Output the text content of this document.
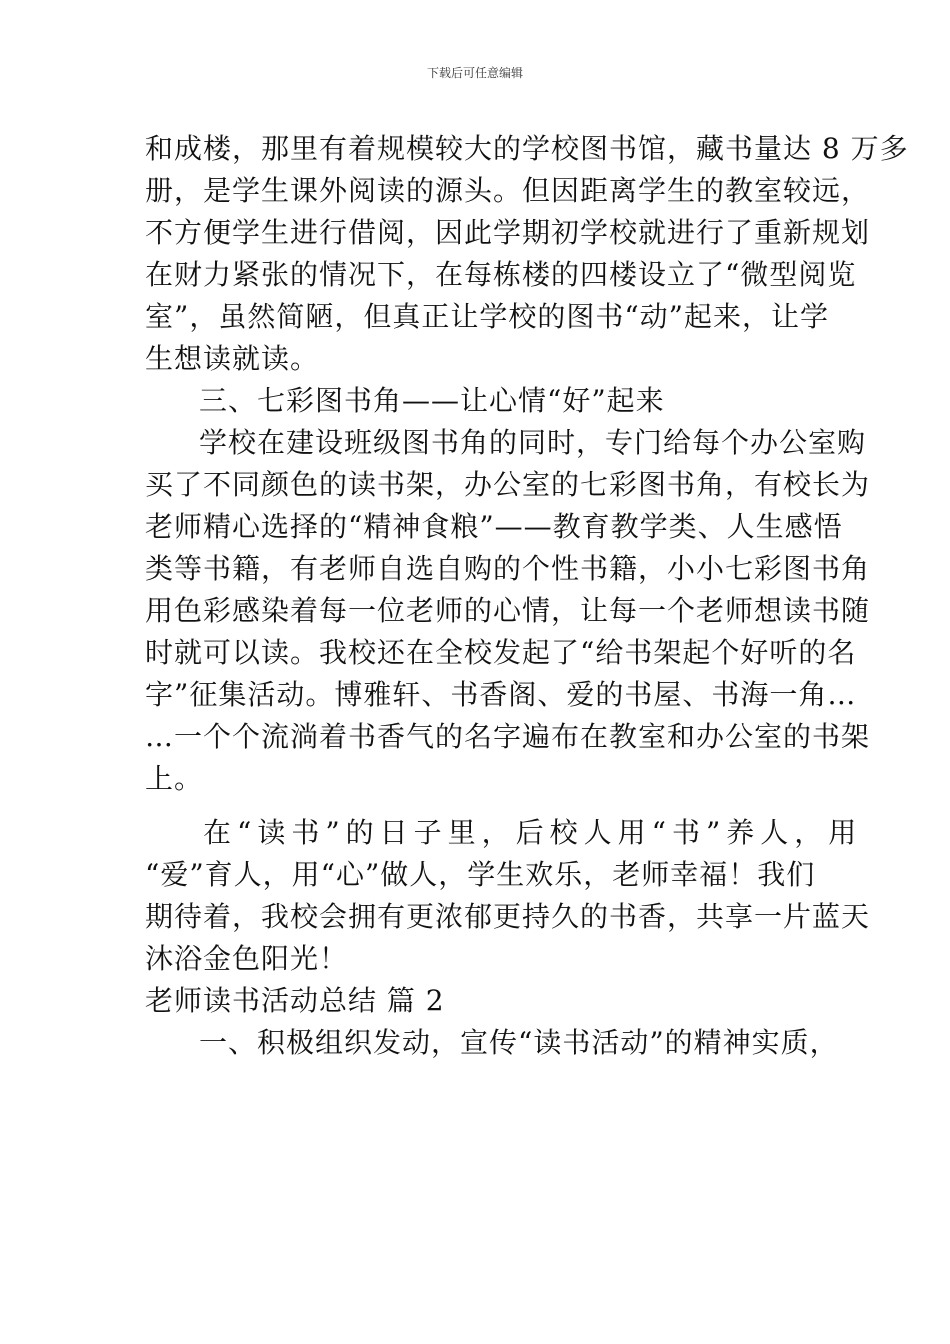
下载后可任意编辑
和成楼，那里有着规模较大的学校图书馆，藏书量达 8 万多
册，是学生课外阅读的源头。但因距离学生的教室较远，
不方便学生进行借阅，因此学期初学校就进行了重新规划
在财力紧张的情况下，在每栋楼的四楼设立了“微型阅览
室”，虽然简陋，但真正让学校的图书“动”起来，让学
生想读就读。
三、七彩图书角——让心情“好”起来
学校在建设班级图书角的同时，专门给每个办公室购
买了不同颜色的读书架，办公室的七彩图书角，有校长为
老师精心选择的“精神食粮”——教育教学类、人生感悟
类等书籍，有老师自选自购的个性书籍，小小七彩图书角
用色彩感染着每一位老师的心情，让每一个老师想读书随
时就可以读。我校还在全校发起了“给书架起个好听的名
字”征集活动。博雅轩、书香阁、爱的书屋、书海一角…
…一个个流淌着书香气的名字遍布在教室和办公室的书架
上。
在“读书”的日子里，后校人用“书”养人，用
“爱”育人，用“心”做人，学生欢乐，老师幸福！我们
期待着，我校会拥有更浓郁更持久的书香，共享一片蓝天
沐浴金色阳光！
老师读书活动总结 篇 2
一、积极组织发动，宣传“读书活动”的精神实质，
